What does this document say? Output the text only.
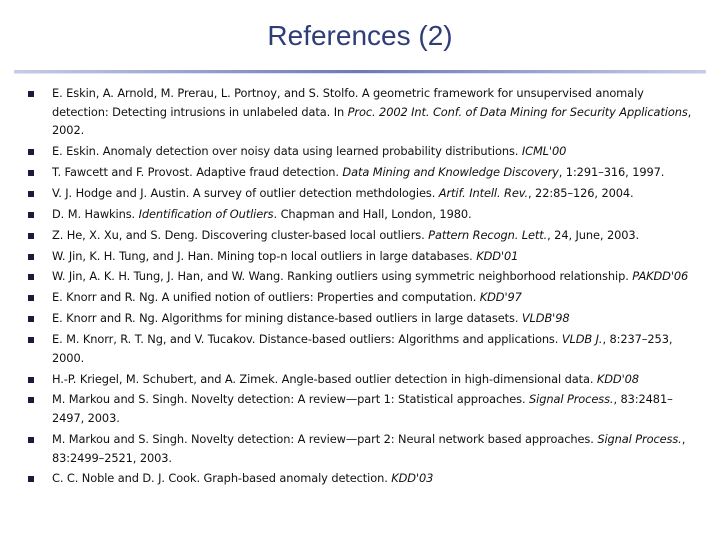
References (2)
E. Eskin, A. Arnold, M. Prerau, L. Portnoy, and S. Stolfo. A geometric framework for unsupervised anomaly detection: Detecting intrusions in unlabeled data. In Proc. 2002 Int. Conf. of Data Mining for Security Applications, 2002.
E. Eskin. Anomaly detection over noisy data using learned probability distributions. ICML'00
T. Fawcett and F. Provost. Adaptive fraud detection. Data Mining and Knowledge Discovery, 1:291–316, 1997.
V. J. Hodge and J. Austin. A survey of outlier detection methdologies. Artif. Intell. Rev., 22:85–126, 2004.
D. M. Hawkins. Identification of Outliers. Chapman and Hall, London, 1980.
Z. He, X. Xu, and S. Deng. Discovering cluster-based local outliers. Pattern Recogn. Lett., 24, June, 2003.
W. Jin, K. H. Tung, and J. Han. Mining top-n local outliers in large databases. KDD'01
W. Jin, A. K. H. Tung, J. Han, and W. Wang. Ranking outliers using symmetric neighborhood relationship. PAKDD'06
E. Knorr and R. Ng. A unified notion of outliers: Properties and computation. KDD'97
E. Knorr and R. Ng. Algorithms for mining distance-based outliers in large datasets. VLDB'98
E. M. Knorr, R. T. Ng, and V. Tucakov. Distance-based outliers: Algorithms and applications. VLDB J., 8:237–253, 2000.
H.-P. Kriegel, M. Schubert, and A. Zimek. Angle-based outlier detection in high-dimensional data. KDD'08
M. Markou and S. Singh. Novelty detection: A review—part 1: Statistical approaches. Signal Process., 83:2481–2497, 2003.
M. Markou and S. Singh. Novelty detection: A review—part 2: Neural network based approaches. Signal Process., 83:2499–2521, 2003.
C. C. Noble and D. J. Cook. Graph-based anomaly detection. KDD'03
